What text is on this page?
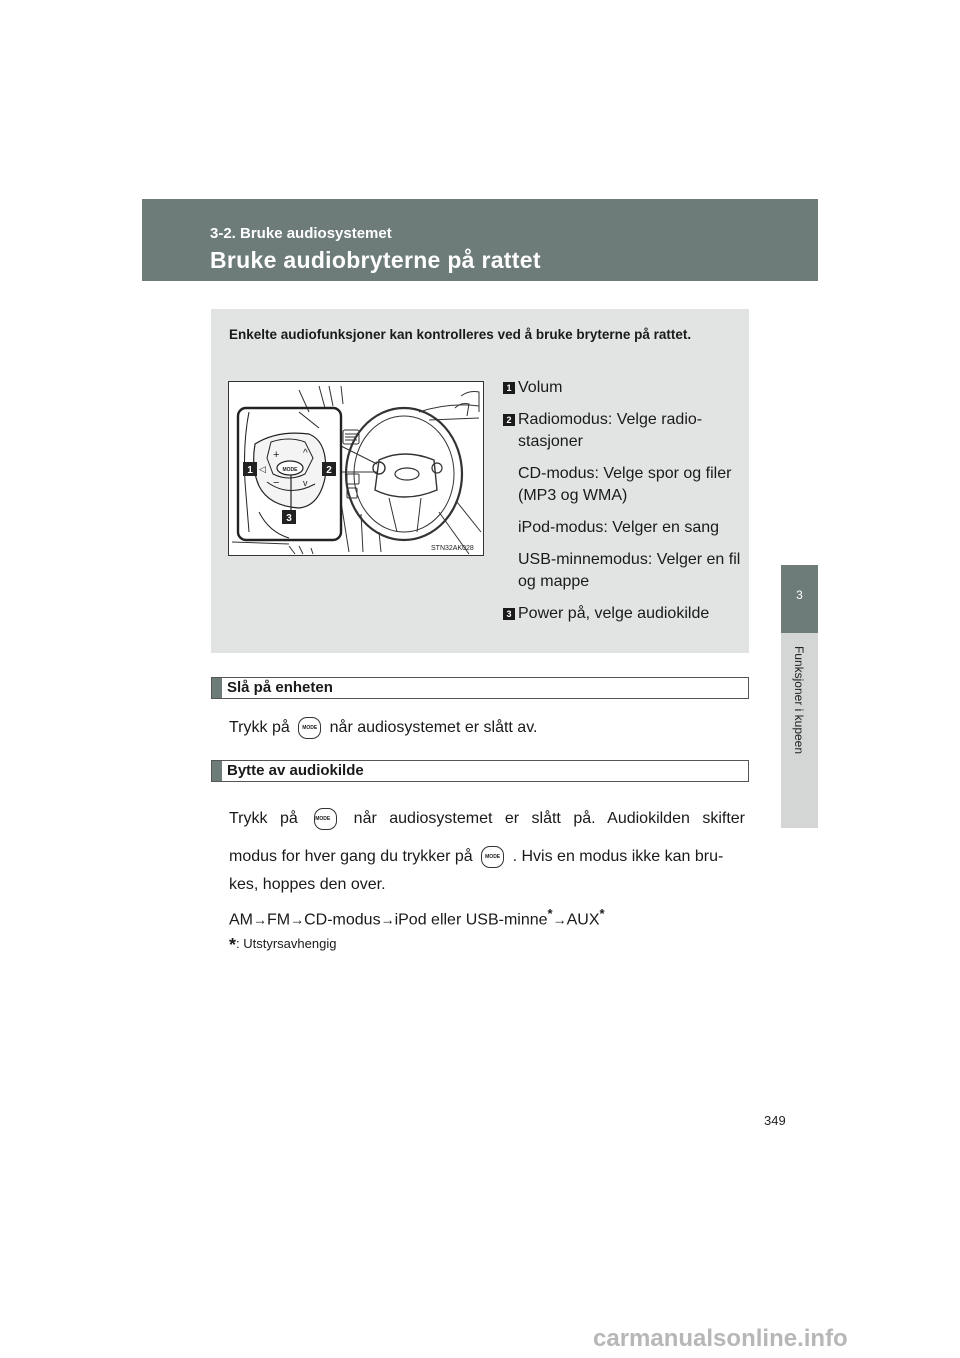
3-2. Bruke audiosystemet
Bruke audiobryterne på rattet
3
Funksjoner i kupeen
Enkelte audiofunksjoner kan kontrolleres ved å bruke bryterne på rattet.
+
−
^
v
◁	MODE
1	2
3
STN32AK028
1 Volum
2 Radiomodus: Velge radio-stasjoner
CD-modus: Velge spor og filer (MP3 og WMA)
iPod-modus: Velger en sang
USB-minnemodus: Velger en fil og mappe
3 Power på, velge audiokilde
Slå på enheten
Trykk på MODE når audiosystemet er slått av.
Bytte av audiokilde
Trykk på	MODE når audiosystemet er slått på. Audiokilden skifter
modus for hver gang du trykker på MODE . Hvis en modus ikke kan bru-
kes, hoppes den over.
AM→FM→CD-modus→iPod eller USB-minne*→AUX*
*: Utstyrsavhengig
349
carmanualsonline.info
